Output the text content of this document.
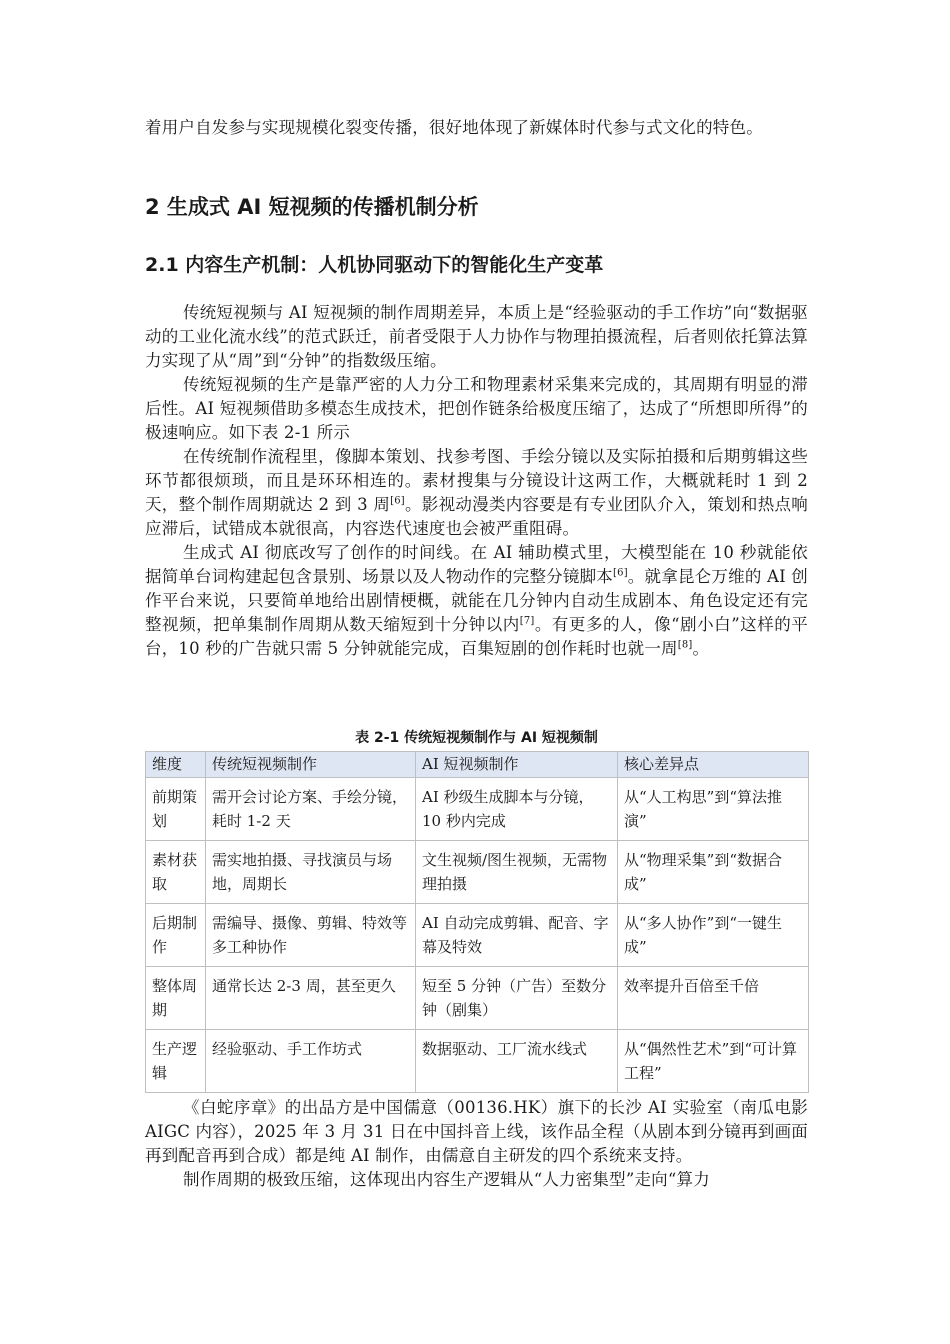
着用户自发参与实现规模化裂变传播，很好地体现了新媒体时代参与式文化的特色。

2 生成式 AI 短视频的传播机制分析
2.1 内容生产机制：人机协同驱动下的智能化生产变革

传统短视频与 AI 短视频的制作周期差异，本质上是“经验驱动的手工作坊”向“数据驱动的工业化流水线”的范式跃迁，前者受限于人力协作与物理拍摄流程，后者则依托算法算力实现了从“周”到“分钟”的指数级压缩。

传统短视频的生产是靠严密的人力分工和物理素材采集来完成的，其周期有明显的滞后性。AI 短视频借助多模态生成技术，把创作链条给极度压缩了，达成了“所想即所得”的极速响应。如下表 2-1 所示

在传统制作流程里，像脚本策划、找参考图、手绘分镜以及实际拍摄和后期剪辑这些环节都很烦琐，而且是环环相连的。素材搜集与分镜设计这两工作，大概就耗时 1 到 2 天，整个制作周期就达 2 到 3 周[6]。影视动漫类内容要是有专业团队介入，策划和热点响应滞后，试错成本就很高，内容迭代速度也会被严重阻碍。

生成式 AI 彻底改写了创作的时间线。在 AI 辅助模式里，大模型能在 10 秒就能依据简单台词构建起包含景别、场景以及人物动作的完整分镜脚本[6]。就拿昆仑万维的 AI 创作平台来说，只要简单地给出剧情梗概，就能在几分钟内自动生成剧本、角色设定还有完整视频，把单集制作周期从数天缩短到十分钟以内[7]。有更多的人，像“剧小白”这样的平台，10 秒的广告就只需 5 分钟就能完成，百集短剧的创作耗时也就一周[8]。

表 2-1 传统短视频制作与 AI 短视频制
维度	传统短视频制作	AI 短视频制作	核心差异点
前期策划	需开会讨论方案、手绘分镜，耗时 1-2 天	AI 秒级生成脚本与分镜，10 秒内完成	从“人工构思”到“算法推演”
素材获取	需实地拍摄、寻找演员与场地，周期长	文生视频/图生视频，无需物理拍摄	从“物理采集”到“数据合成”
后期制作	需编导、摄像、剪辑、特效等多工种协作	AI 自动完成剪辑、配音、字幕及特效	从“多人协作”到“一键生成”
整体周期	通常长达 2-3 周，甚至更久	短至 5 分钟（广告）至数分钟（剧集）	效率提升百倍至千倍
生产逻辑	经验驱动、手工作坊式	数据驱动、工厂流水线式	从“偶然性艺术”到“可计算工程”

《白蛇序章》的出品方是中国儒意（00136.HK）旗下的长沙 AI 实验室（南瓜电影 AIGC 内容），2025 年 3 月 31 日在中国抖音上线，该作品全程（从剧本到分镜再到画面再到配音再到合成）都是纯 AI 制作，由儒意自主研发的四个系统来支持。

制作周期的极致压缩，这体现出内容生产逻辑从“人力密集型”走向“算力
